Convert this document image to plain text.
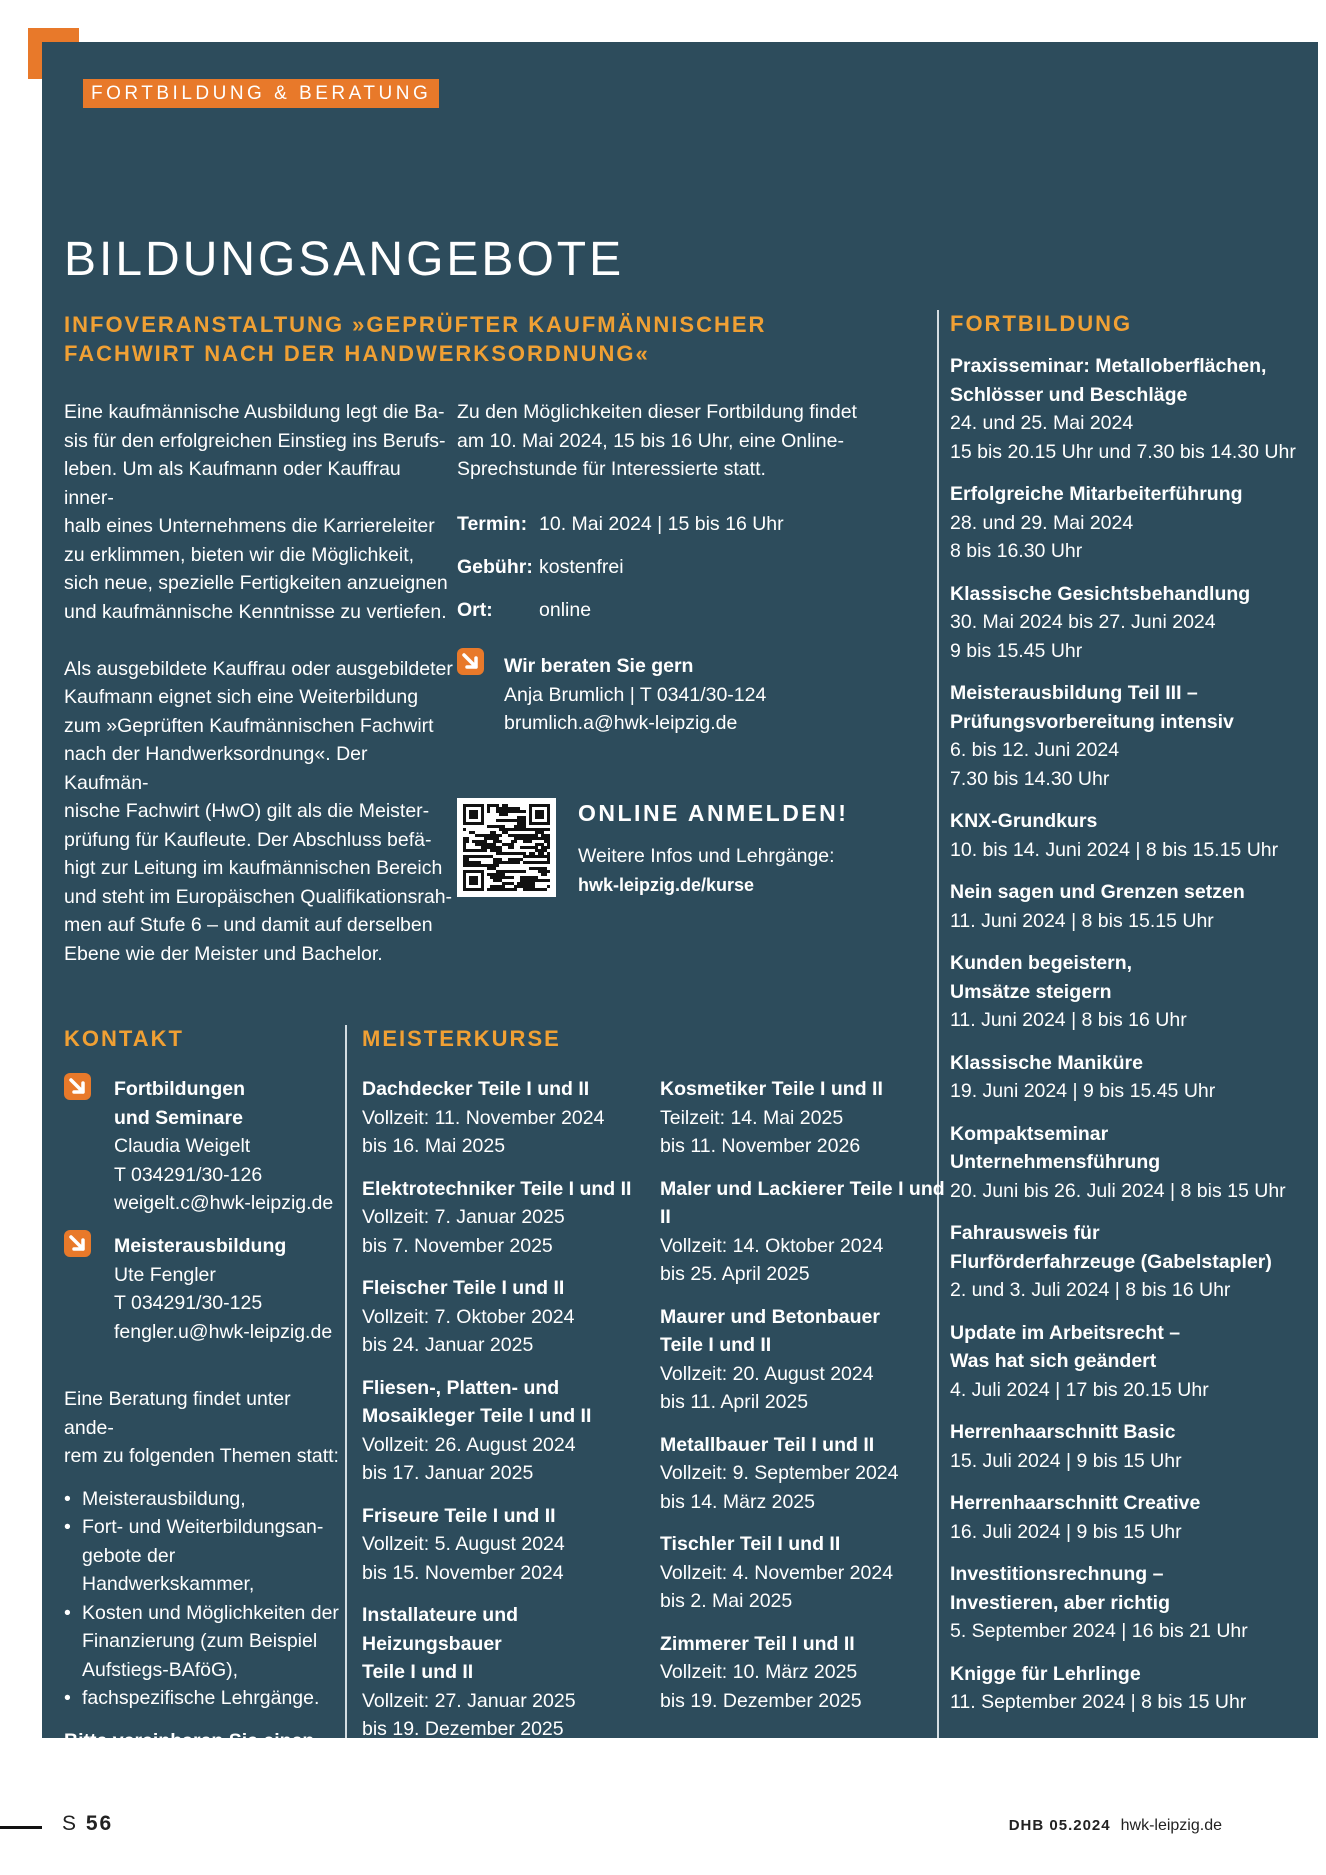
FORTBILDUNG & BERATUNG
BILDUNGSANGEBOTE
INFOVERANSTALTUNG »GEPRÜFTER KAUFMÄNNISCHER
FACHWIRT NACH DER HANDWERKSORDNUNG«

Eine kaufmännische Ausbildung legt die Ba-
sis für den erfolgreichen Einstieg ins Berufs-
leben. Um als Kaufmann oder Kauffrau inner-
halb eines Unternehmens die Karriereleiter
zu erklimmen, bieten wir die Möglichkeit,
sich neue, spezielle Fertigkeiten anzueignen
und kaufmännische Kenntnisse zu vertiefen.

Als ausgebildete Kauffrau oder ausgebildeter
Kaufmann eignet sich eine Weiterbildung
zum »Geprüften Kaufmännischen Fachwirt
nach der Handwerksordnung«. Der Kaufmän-
nische Fachwirt (HwO) gilt als die Meister-
prüfung für Kaufleute. Der Abschluss befä-
higt zur Leitung im kaufmännischen Bereich
und steht im Europäischen Qualifikationsrah-
men auf Stufe 6 – und damit auf derselben
Ebene wie der Meister und Bachelor.

Zu den Möglichkeiten dieser Fortbildung findet
am 10. Mai 2024, 15 bis 16 Uhr, eine Online-
Sprechstunde für Interessierte statt.
Termin: 10. Mai 2024 | 15 bis 16 Uhr
Gebühr: kostenfrei
Ort: online
Wir beraten Sie gern
Anja Brumlich | T 0341/30-124
brumlich.a@hwk-leipzig.de
ONLINE ANMELDEN!
Weitere Infos und Lehrgänge:
hwk-leipzig.de/kurse
FORTBILDUNG
Praxisseminar: Metalloberflächen,
Schlösser und Beschläge
24. und 25. Mai 2024
15 bis 20.15 Uhr und 7.30 bis 14.30 Uhr
Erfolgreiche Mitarbeiterführung
28. und 29. Mai 2024
8 bis 16.30 Uhr
Klassische Gesichtsbehandlung
30. Mai 2024 bis 27. Juni 2024
9 bis 15.45 Uhr
Meisterausbildung Teil III –
Prüfungsvorbereitung intensiv
6. bis 12. Juni 2024
7.30 bis 14.30 Uhr
KNX-Grundkurs
10. bis 14. Juni 2024 | 8 bis 15.15 Uhr
Nein sagen und Grenzen setzen
11. Juni 2024 | 8 bis 15.15 Uhr
Kunden begeistern,
Umsätze steigern
11. Juni 2024 | 8 bis 16 Uhr
Klassische Maniküre
19. Juni 2024 | 9 bis 15.45 Uhr
Kompaktseminar
Unternehmensführung
20. Juni bis 26. Juli 2024 | 8 bis 15 Uhr
Fahrausweis für
Flurförderfahrzeuge (Gabelstapler)
2. und 3. Juli 2024 | 8 bis 16 Uhr
Update im Arbeitsrecht –
Was hat sich geändert
4. Juli 2024 | 17 bis 20.15 Uhr
Herrenhaarschnitt Basic
15. Juli 2024 | 9 bis 15 Uhr
Herrenhaarschnitt Creative
16. Juli 2024 | 9 bis 15 Uhr
Investitionsrechnung –
Investieren, aber richtig
5. September 2024 | 16 bis 21 Uhr
Knigge für Lehrlinge
11. September 2024 | 8 bis 15 Uhr
KONTAKT
Fortbildungen
und Seminare
Claudia Weigelt
T 034291/30-126
weigelt.c@hwk-leipzig.de
Meisterausbildung
Ute Fengler
T 034291/30-125
fengler.u@hwk-leipzig.de
Eine Beratung findet unter ande-
rem zu folgenden Themen statt:
• Meisterausbildung,
• Fort- und Weiterbildungsan-
gebote der Handwerkskammer,
• Kosten und Möglichkeiten der
Finanzierung (zum Beispiel
Aufstiegs-BAföG),
• fachspezifische Lehrgänge.
Bitte vereinbaren Sie einen indi-
viduellen Termin.
MEISTERKURSE
Dachdecker Teile I und II
Vollzeit: 11. November 2024
bis 16. Mai 2025
Elektrotechniker Teile I und II
Vollzeit: 7. Januar 2025
bis 7. November 2025
Fleischer Teile I und II
Vollzeit: 7. Oktober 2024
bis 24. Januar 2025
Fliesen-, Platten- und
Mosaikleger Teile I und II
Vollzeit: 26. August 2024
bis 17. Januar 2025
Friseure Teile I und II
Vollzeit: 5. August 2024
bis 15. November 2024
Installateure und Heizungsbauer
Teile I und II
Vollzeit: 27. Januar 2025
bis 19. Dezember 2025
Kosmetiker Teile I und II
Teilzeit: 14. Mai 2025
bis 11. November 2026
Maler und Lackierer Teile I und II
Vollzeit: 14. Oktober 2024
bis 25. April 2025
Maurer und Betonbauer
Teile I und II
Vollzeit: 20. August 2024
bis 11. April 2025
Metallbauer Teil I und II
Vollzeit: 9. September 2024
bis 14. März 2025
Tischler Teil I und II
Vollzeit: 4. November 2024
bis 2. Mai 2025
Zimmerer Teil I und II
Vollzeit: 10. März 2025
bis 19. Dezember 2025
S 56	DHB 05.2024 hwk-leipzig.de
